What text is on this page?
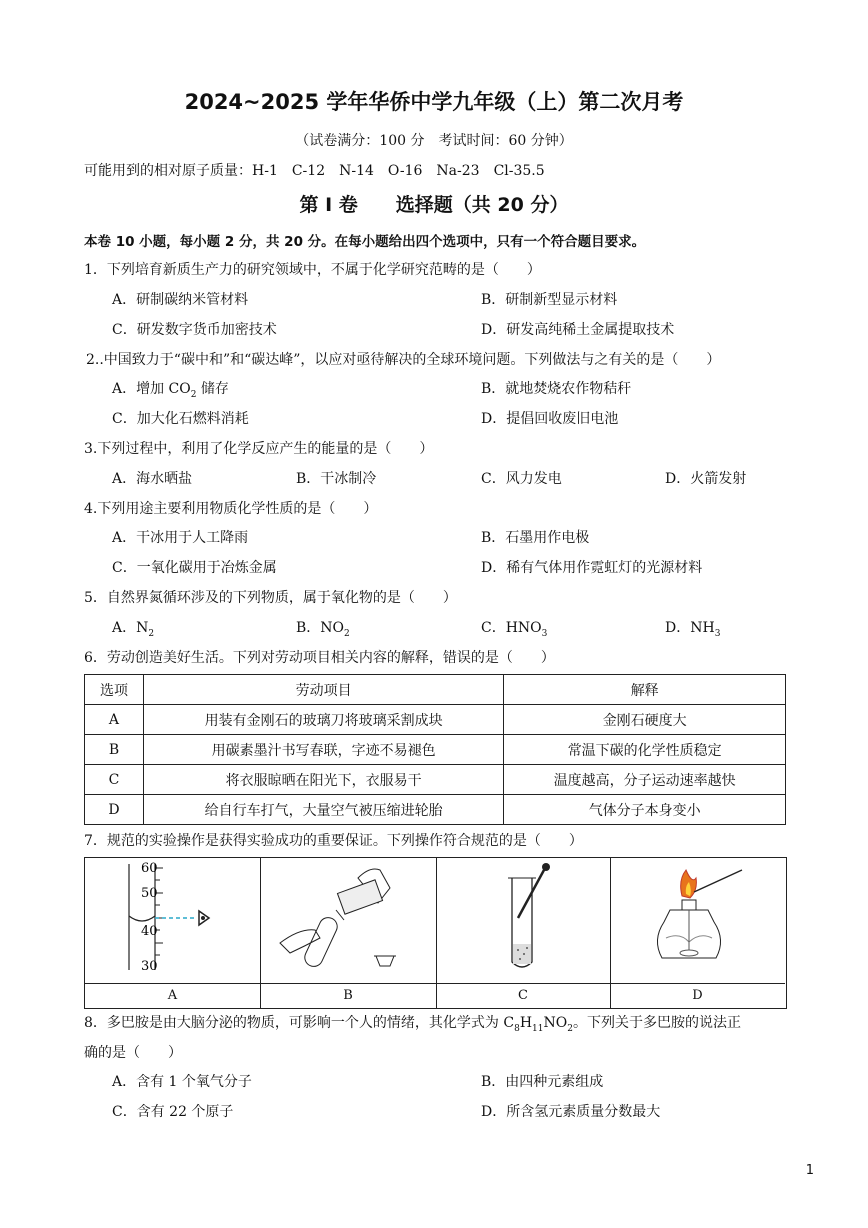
2024~2025 学年华侨中学九年级（上）第二次月考
（试卷满分：100 分　考试时间：60 分钟）
可能用到的相对原子质量：H-1　C-12　N-14　O-16　Na-23　Cl-35.5
第 I 卷　　选择题（共 20 分）
本卷 10 小题，每小题 2 分，共 20 分。在每小题给出四个选项中，只有一个符合题目要求。
1．下列培育新质生产力的研究领域中，不属于化学研究范畴的是（　　）
A．研制碳纳米管材料	B．研制新型显示材料
C．研发数字货币加密技术	D．研发高纯稀土金属提取技术
2..中国致力于“碳中和”和“碳达峰”，以应对亟待解决的全球环境问题。下列做法与之有关的是（　　）
A．增加 $CO_2$ 储存	B．就地焚烧农作物秸秆
C．加大化石燃料消耗	D．提倡回收废旧电池
3.下列过程中，利用了化学反应产生的能量的是（　　）
A．海水晒盐	B．干冰制冷	C．风力发电	D．火箭发射
4.下列用途主要利用物质化学性质的是（　　）
A．干冰用于人工降雨	B．石墨用作电极
C．一氧化碳用于冶炼金属	D．稀有气体用作霓虹灯的光源材料
5．自然界氮循环涉及的下列物质，属于氧化物的是（　　）
A．$N_2$	B．$NO_2$	C．$HNO_3$	D．$NH_3$
6．劳动创造美好生活。下列对劳动项目相关内容的解释，错误的是（　　）
选项	劳动项目	解释
A	用装有金刚石的玻璃刀将玻璃采割成块	金刚石硬度大
B	用碳素墨汁书写春联，字迹不易褪色	常温下碳的化学性质稳定
C	将衣服晾晒在阳光下，衣服易干	温度越高，分子运动速率越快
D	给自行车打气，大量空气被压缩进轮胎	气体分子本身变小
7．规范的实验操作是获得实验成功的重要保证。下列操作符合规范的是（　　）
60
50
40
30
A	B	C	D
8．多巴胺是由大脑分泌的物质，可影响一个人的情绪，其化学式为 $C_8H_{11}NO_2$。下列关于多巴胺的说法正
确的是（　　）
A．含有 1 个氧气分子	B．由四种元素组成
C．含有 22 个原子	D．所含氢元素质量分数最大
1
